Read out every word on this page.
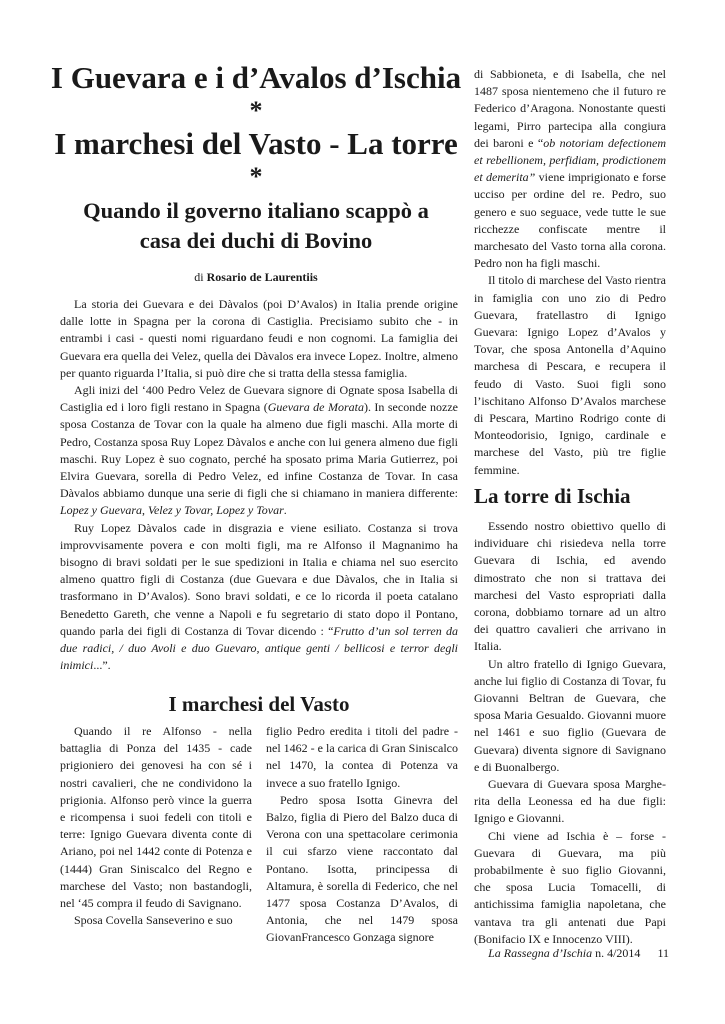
I Guevara e i d’Avalos d’Ischia
*
I marchesi del Vasto - La torre
*
Quando il governo italiano scappò a
casa dei duchi di Bovino
di Rosario de Laurentiis

La storia dei Guevara e dei Dàvalos (poi D’Avalos) in Italia prende origine dalle lotte in Spagna per la corona di Castiglia. Precisiamo subito che - in entrambi i casi - questi nomi riguardano feudi e non cognomi. La famiglia dei Guevara era quella dei Velez, quella dei Dàvalos era invece Lopez. Inoltre, almeno per quanto riguarda l’Italia, si può dire che si tratta della stessa famiglia.

Agli inizi del ‘400 Pedro Velez de Guevara signore di Ognate sposa Isabella di Castiglia ed i loro figli restano in Spagna (Guevara de Morata). In seconde nozze sposa Costanza de Tovar con la quale ha almeno due figli maschi. Alla morte di Pedro, Costanza sposa Ruy Lopez Dàvalos e anche con lui genera almeno due figli maschi. Ruy Lopez è suo cognato, perché ha sposato prima Maria Gutierrez, poi Elvira Guevara, sorella di Pedro Velez, ed infine Costanza de Tovar. In casa Dàvalos abbiamo dunque una serie di figli che si chiamano in maniera differente: Lopez y Guevara, Velez y Tovar, Lopez y Tovar.

Ruy Lopez Dàvalos cade in disgrazia e viene esiliato. Costanza si trova improvvisamente povera e con molti figli, ma re Alfonso il Magnanimo ha bisogno di bravi soldati per le sue spedizioni in Italia e chiama nel suo esercito almeno quattro figli di Costanza (due Guevara e due Dàvalos, che in Italia si trasformano in D’Avalos). Sono bravi soldati, e ce lo ricorda il poeta catalano Benedetto Gareth, che venne a Napoli e fu segretario di stato dopo il Pontano, quando parla dei figli di Costanza di Tovar dicendo : “Frutto d’un sol terren da due radici, / duo Avoli e duo Guevaro, antique genti / bellicosi e terror degli inimici...”.

I marchesi del Vasto

Quando il re Alfonso - nella battaglia di Ponza del 1435 - cade prigioniero dei genovesi ha con sé i nostri cavalieri, che ne condividono la prigionia. Alfonso però vince la guerra e ricompensa i suoi fedeli con titoli e terre: Ignigo Guevara diventa conte di Ariano, poi nel 1442 conte di Potenza e (1444) Gran Siniscalco del Regno e marchese del Vasto; non bastandogli, nel ‘45 compra il feudo di Savignano.

Sposa Covella Sanseverino e suo

figlio Pedro eredita i titoli del padre - nel 1462 - e la carica di Gran Siniscalco nel 1470, la contea di Potenza va invece a suo fratello Ignigo.

Pedro sposa Isotta Ginevra del Balzo, figlia di Piero del Balzo duca di Verona con una spettacolare cerimonia il cui sfarzo viene raccontato dal Pontano. Isotta, principessa di Altamura, è sorella di Federico, che nel 1477 sposa Costanza D’Avalos, di Antonia, che nel 1479 sposa GiovanFrancesco Gonzaga signore

di Sabbioneta, e di Isabella, che nel 1487 sposa nientemeno che il futuro re Federico d’Aragona. Nonostante questi legami, Pirro partecipa alla congiura dei baroni e “ob notoriam defectionem et rebellionem, perfidiam, prodictionem et demerita” viene imprigionato e forse ucciso per ordine del re. Pedro, suo genero e suo seguace, vede tutte le sue ricchezze confiscate mentre il marchesato del Vasto torna alla corona. Pedro non ha figli maschi.

Il titolo di marchese del Vasto rientra in famiglia con uno zio di Pedro Guevara, fratellastro di Ignigo Guevara: Ignigo Lopez d’Avalos y Tovar, che sposa Antonella d’Aquino marchesa di Pescara, e recupera il feudo di Vasto. Suoi figli sono l’ischitano Alfonso D’Avalos marchese di Pescara, Martino Rodrigo conte di Monteodorisio, Ignigo, cardinale e marchese del Vasto, più tre figlie femmine.

La torre di Ischia

Essendo nostro obiettivo quello di individuare chi risiedeva nella torre Guevara di Ischia, ed avendo dimostrato che non si trattava dei marchesi del Vasto espropriati dalla corona, dobbiamo tornare ad un altro dei quattro cavalieri che arrivano in Italia.

Un altro fratello di Ignigo Guevara, anche lui figlio di Costanza di Tovar, fu Giovanni Beltran de Guevara, che sposa Maria Gesualdo. Giovanni muore nel 1461 e suo figlio (Guevara de Guevara) diventa signore di Savignano e di Buonalbergo.

Guevara di Guevara sposa Margherita della Leonessa ed ha due figli: Ignigo e Giovanni.

Chi viene ad Ischia è – forse - Guevara di Guevara, ma più probabilmente è suo figlio Giovanni, che sposa Lucia Tomacelli, di antichissima famiglia napoletana, che vantava tra gli antenati due Papi (Bonifacio IX e Innocenzo VIII).

La Rassegna d’Ischia n. 4/2014 11
